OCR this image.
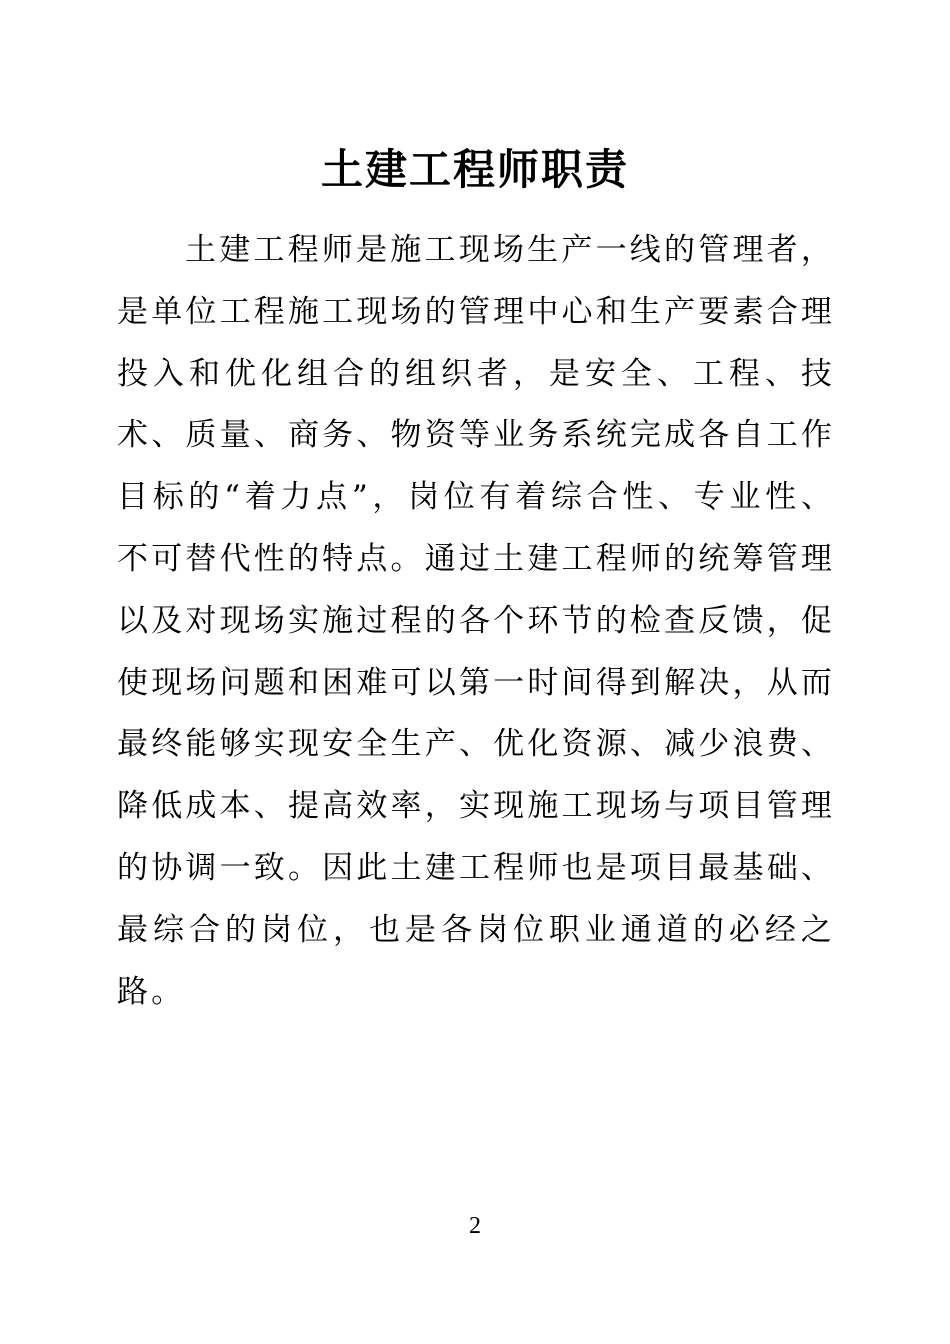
土建工程师职责

土建工程师是施工现场生产一线的管理者，是单位工程施工现场的管理中心和生产要素合理投入和优化组合的组织者，是安全、工程、技术、质量、商务、物资等业务系统完成各自工作目标的“着力点”，岗位有着综合性、专业性、不可替代性的特点。通过土建工程师的统筹管理以及对现场实施过程的各个环节的检查反馈，促使现场问题和困难可以第一时间得到解决，从而最终能够实现安全生产、优化资源、减少浪费、降低成本、提高效率，实现施工现场与项目管理的协调一致。因此土建工程师也是项目最基础、最综合的岗位，也是各岗位职业通道的必经之路。

2
